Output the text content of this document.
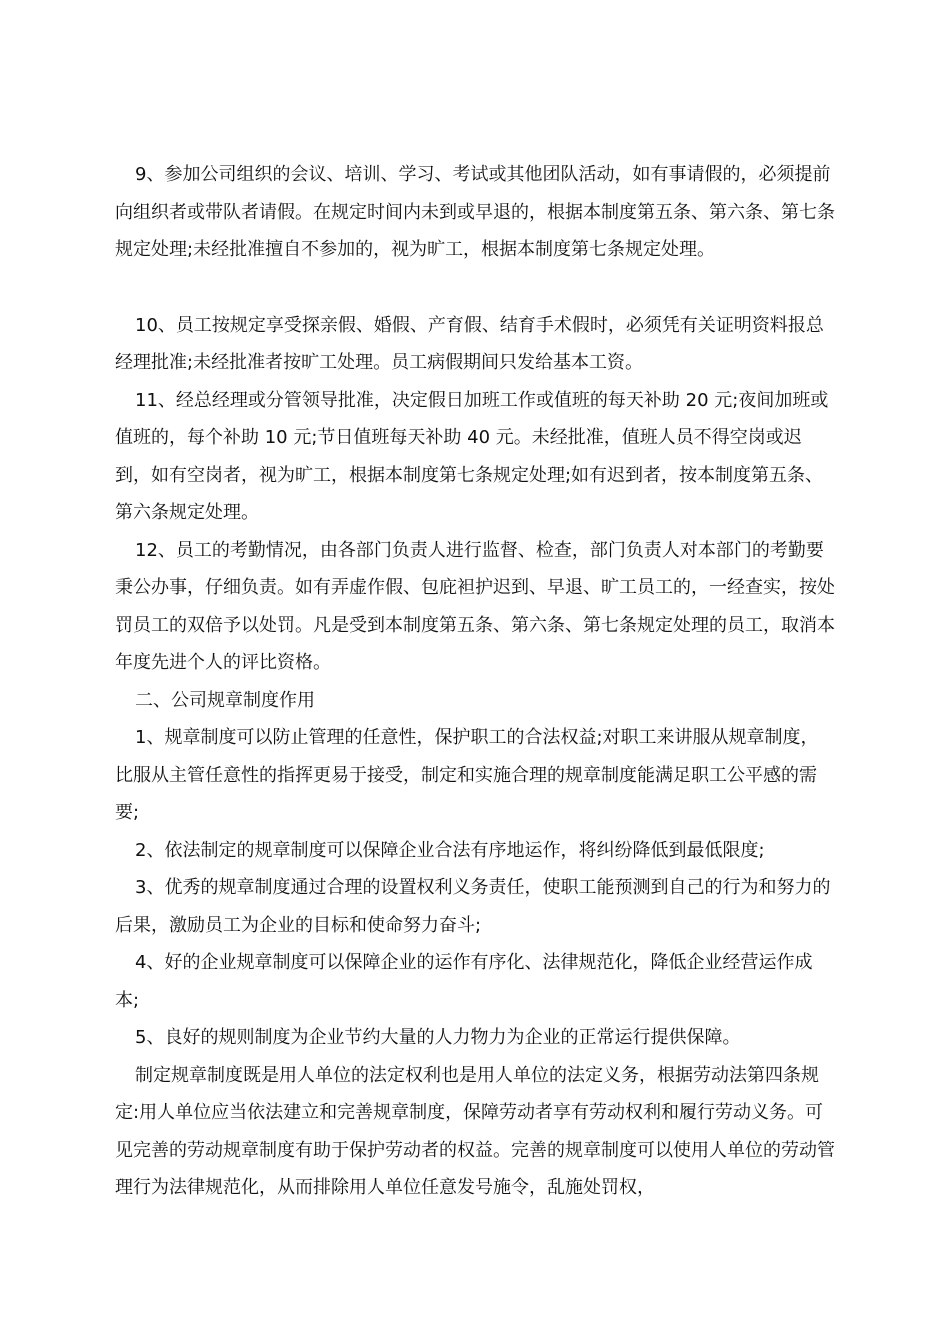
9、参加公司组织的会议、培训、学习、考试或其他团队活动，如有事请假的，必须提前向组织者或带队者请假。在规定时间内未到或早退的，根据本制度第五条、第六条、第七条规定处理;未经批准擅自不参加的，视为旷工，根据本制度第七条规定处理。

10、员工按规定享受探亲假、婚假、产育假、结育手术假时，必须凭有关证明资料报总经理批准;未经批准者按旷工处理。员工病假期间只发给基本工资。

11、经总经理或分管领导批准，决定假日加班工作或值班的每天补助 20 元;夜间加班或值班的，每个补助 10 元;节日值班每天补助 40 元。未经批准，值班人员不得空岗或迟到，如有空岗者，视为旷工，根据本制度第七条规定处理;如有迟到者，按本制度第五条、第六条规定处理。

12、员工的考勤情况，由各部门负责人进行监督、检查，部门负责人对本部门的考勤要秉公办事，仔细负责。如有弄虚作假、包庇袒护迟到、早退、旷工员工的，一经查实，按处罚员工的双倍予以处罚。凡是受到本制度第五条、第六条、第七条规定处理的员工，取消本年度先进个人的评比资格。

二、公司规章制度作用

1、规章制度可以防止管理的任意性，保护职工的合法权益;对职工来讲服从规章制度，比服从主管任意性的指挥更易于接受，制定和实施合理的规章制度能满足职工公平感的需要;

2、依法制定的规章制度可以保障企业合法有序地运作，将纠纷降低到最低限度;

3、优秀的规章制度通过合理的设置权利义务责任，使职工能预测到自己的行为和努力的后果，激励员工为企业的目标和使命努力奋斗;

4、好的企业规章制度可以保障企业的运作有序化、法律规范化，降低企业经营运作成本;

5、良好的规则制度为企业节约大量的人力物力为企业的正常运行提供保障。

制定规章制度既是用人单位的法定权利也是用人单位的法定义务，根据劳动法第四条规定:用人单位应当依法建立和完善规章制度，保障劳动者享有劳动权利和履行劳动义务。可见完善的劳动规章制度有助于保护劳动者的权益。完善的规章制度可以使用人单位的劳动管理行为法律规范化，从而排除用人单位任意发号施令，乱施处罚权，
